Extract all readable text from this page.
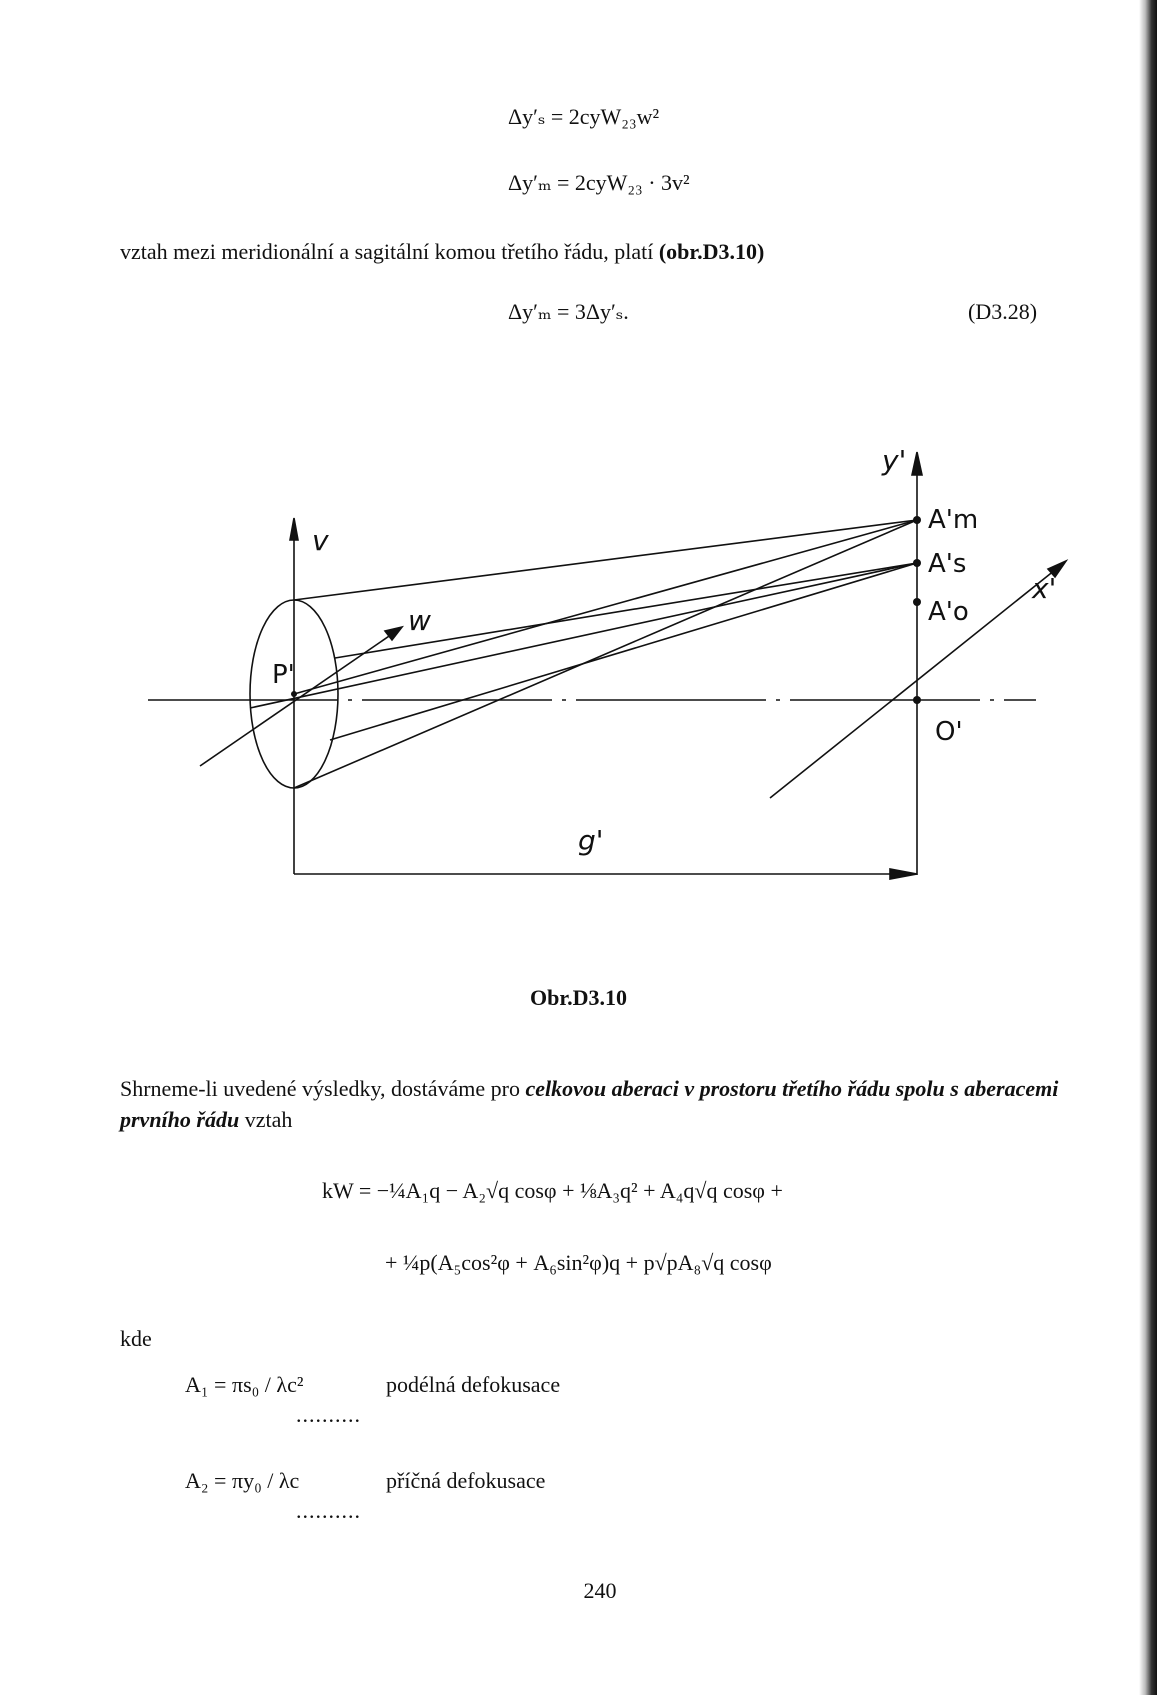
Δy′ₛ = 2cyW₂₃w²
Δy′ₘ = 2cyW₂₃ · 3v²
vztah mezi meridionální a sagitální komou třetího řádu, platí (obr.D3.10)
Δy′ₘ = 3Δy′ₛ.	(D3.28)
v
w
P'
y'
A'm
A's
A'o
x'
O'
g'
Obr.D3.10
Shrneme-li uvedené výsledky, dostáváme pro celkovou aberaci v prostoru třetího řádu spolu s aberacemi prvního řádu vztah
kW = −¼A₁q − A₂√q cosφ + ⅛A₃q² + A₄q√q cosφ +
+ ¼p(A₅cos²φ + A₆sin²φ)q + p√pA₈√q cosφ
kde
A₁ = πs₀ / λc²
..........
podélná defokusace
A₂ = πy₀ / λc
..........
příčná defokusace
240
